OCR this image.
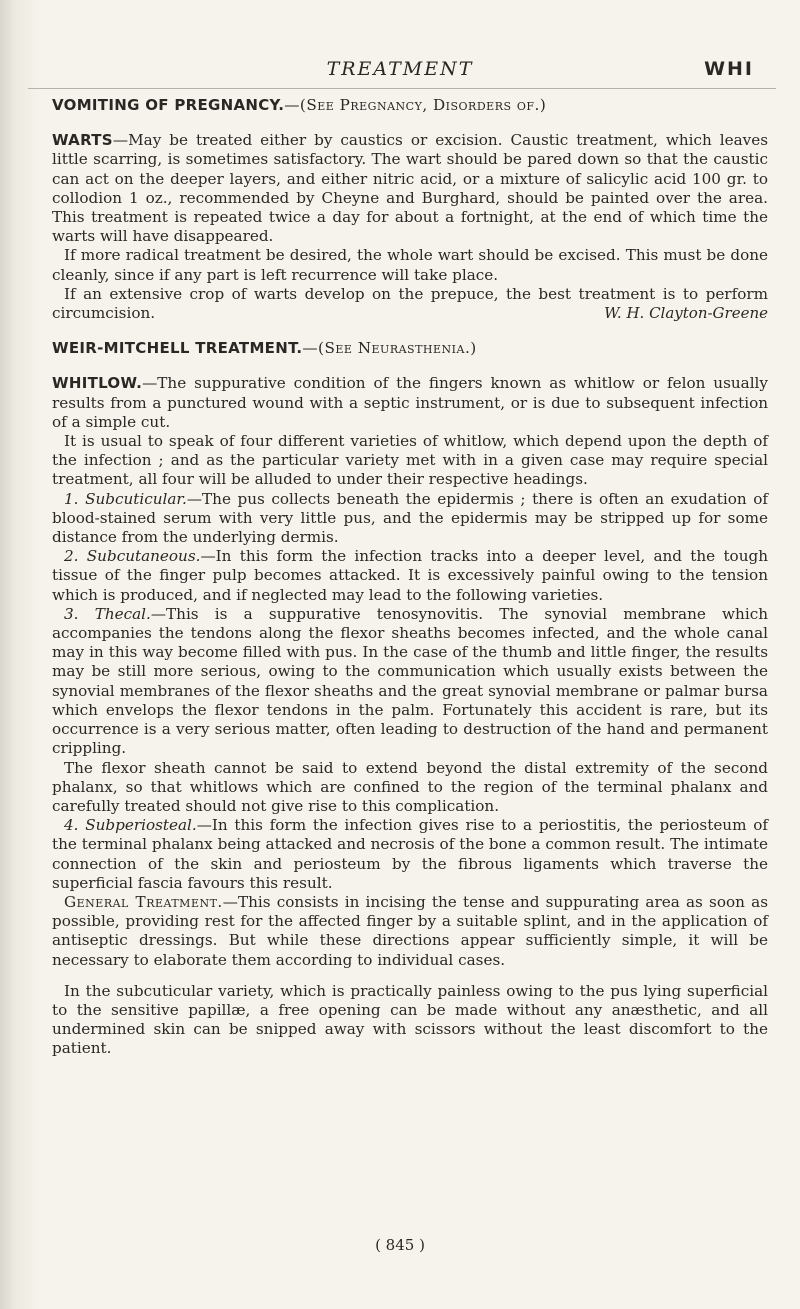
TREATMENT	WHI

VOMITING OF PREGNANCY.—(See Pregnancy, Disorders of.)

WARTS—May be treated either by caustics or excision. Caustic treatment, which leaves little scarring, is sometimes satisfactory. The wart should be pared down so that the caustic can act on the deeper layers, and either nitric acid, or a mixture of salicylic acid 100 gr. to collodion 1 oz., recommended by Cheyne and Burghard, should be painted over the area. This treatment is repeated twice a day for about a fortnight, at the end of which time the warts will have disappeared.

If more radical treatment be desired, the whole wart should be excised. This must be done cleanly, since if any part is left recurrence will take place.

If an extensive crop of warts develop on the prepuce, the best treatment is to perform circumcision.	W. H. Clayton-Greene

WEIR-MITCHELL TREATMENT.—(See Neurasthenia.)

WHITLOW.—The suppurative condition of the fingers known as whitlow or felon usually results from a punctured wound with a septic instrument, or is due to subsequent infection of a simple cut.

It is usual to speak of four different varieties of whitlow, which depend upon the depth of the infection ; and as the particular variety met with in a given case may require special treatment, all four will be alluded to under their respective headings.

1. Subcuticular.—The pus collects beneath the epidermis ; there is often an exudation of blood-stained serum with very little pus, and the epidermis may be stripped up for some distance from the underlying dermis.

2. Subcutaneous.—In this form the infection tracks into a deeper level, and the tough tissue of the finger pulp becomes attacked. It is excessively painful owing to the tension which is produced, and if neglected may lead to the following varieties.

3. Thecal.—This is a suppurative tenosynovitis. The synovial membrane which accompanies the tendons along the flexor sheaths becomes infected, and the whole canal may in this way become filled with pus. In the case of the thumb and little finger, the results may be still more serious, owing to the communication which usually exists between the synovial membranes of the flexor sheaths and the great synovial membrane or palmar bursa which envelops the flexor tendons in the palm. Fortunately this accident is rare, but its occurrence is a very serious matter, often leading to destruction of the hand and permanent crippling.

The flexor sheath cannot be said to extend beyond the distal extremity of the second phalanx, so that whitlows which are confined to the region of the terminal phalanx and carefully treated should not give rise to this complication.

4. Subperiosteal.—In this form the infection gives rise to a periostitis, the periosteum of the terminal phalanx being attacked and necrosis of the bone a common result. The intimate connection of the skin and periosteum by the fibrous ligaments which traverse the superficial fascia favours this result.

General Treatment.—This consists in incising the tense and suppurating area as soon as possible, providing rest for the affected finger by a suitable splint, and in the application of antiseptic dressings. But while these directions appear sufficiently simple, it will be necessary to elaborate them according to individual cases.

In the subcuticular variety, which is practically painless owing to the pus lying superficial to the sensitive papillæ, a free opening can be made without any anæsthetic, and all undermined skin can be snipped away with scissors without the least discomfort to the patient.

( 845 )
